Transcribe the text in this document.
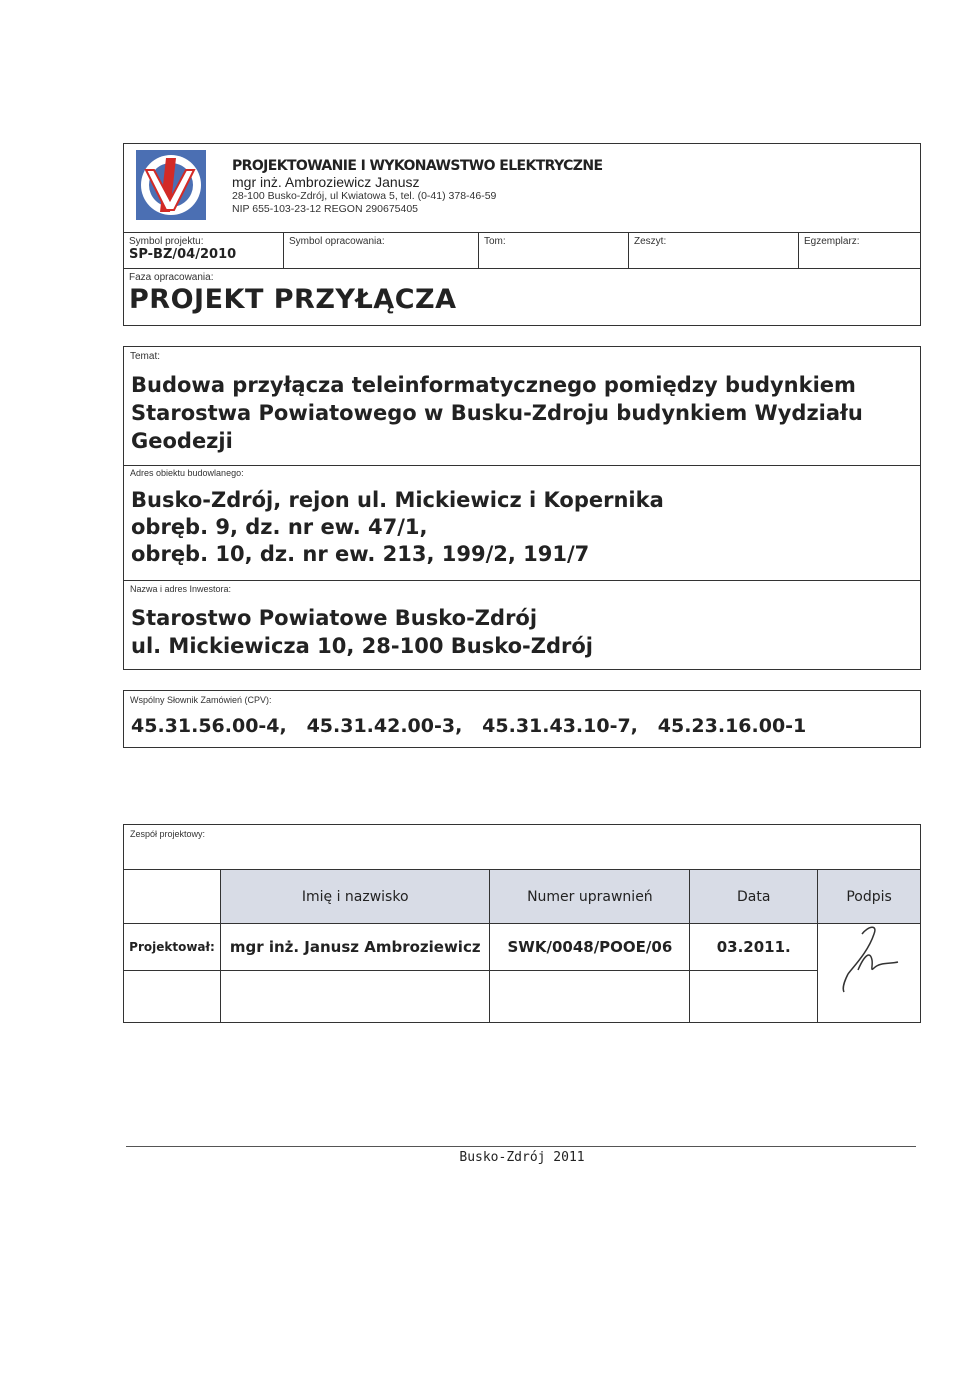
PROJEKTOWANIE I WYKONAWSTWO ELEKTRYCZNE
mgr inż. Ambroziewicz Janusz
28-100 Busko-Zdrój, ul Kwiatowa 5, tel. (0-41) 378-46-59
NIP 655-103-23-12 REGON 290675405
Symbol projektu:
SP-BZ/04/2010
Symbol opracowania:	Tom:	Zeszyt:	Egzemplarz:
Faza opracowania:
PROJEKT PRZYŁĄCZA
Temat:
Budowa przyłącza teleinformatycznego pomiędzy budynkiem
Starostwa Powiatowego w Busku-Zdroju budynkiem Wydziału
Geodezji
Adres obiektu budowlanego:
Busko-Zdrój, rejon ul. Mickiewicz i Kopernika
obręb. 9, dz. nr ew. 47/1,
obręb. 10, dz. nr ew. 213, 199/2, 191/7
Nazwa i adres Inwestora:
Starostwo Powiatowe Busko-Zdrój
ul. Mickiewicza 10, 28-100 Busko-Zdrój
Wspólny Słownik Zamówień (CPV):
45.31.56.00-4,   45.31.42.00-3,   45.31.43.10-7,   45.23.16.00-1
Zespół projektowy:
	Imię i nazwisko	Numer uprawnień	Data	Podpis
Projektował:	mgr inż. Janusz Ambroziewicz	SWK/0048/POOE/06	03.2011.	

Busko-Zdrój 2011
